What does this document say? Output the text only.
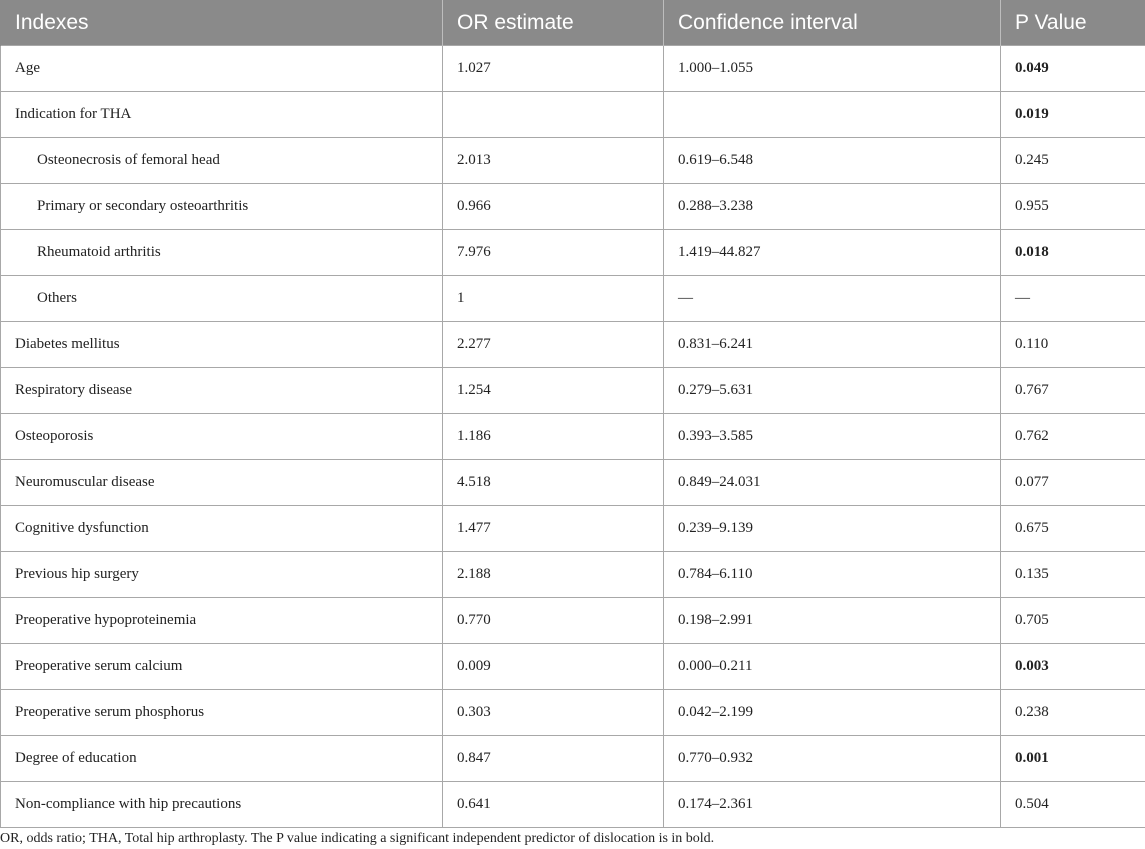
Indexes	OR estimate	Confidence interval	P Value
Age	1.027	1.000–1.055	0.049
Indication for THA			0.019
Osteonecrosis of femoral head	2.013	0.619–6.548	0.245
Primary or secondary osteoarthritis	0.966	0.288–3.238	0.955
Rheumatoid arthritis	7.976	1.419–44.827	0.018
Others	1	—	—
Diabetes mellitus	2.277	0.831–6.241	0.110
Respiratory disease	1.254	0.279–5.631	0.767
Osteoporosis	1.186	0.393–3.585	0.762
Neuromuscular disease	4.518	0.849–24.031	0.077
Cognitive dysfunction	1.477	0.239–9.139	0.675
Previous hip surgery	2.188	0.784–6.110	0.135
Preoperative hypoproteinemia	0.770	0.198–2.991	0.705
Preoperative serum calcium	0.009	0.000–0.211	0.003
Preoperative serum phosphorus	0.303	0.042–2.199	0.238
Degree of education	0.847	0.770–0.932	0.001
Non-compliance with hip precautions	0.641	0.174–2.361	0.504

OR, odds ratio; THA, Total hip arthroplasty. The P value indicating a significant independent predictor of dislocation is in bold.
